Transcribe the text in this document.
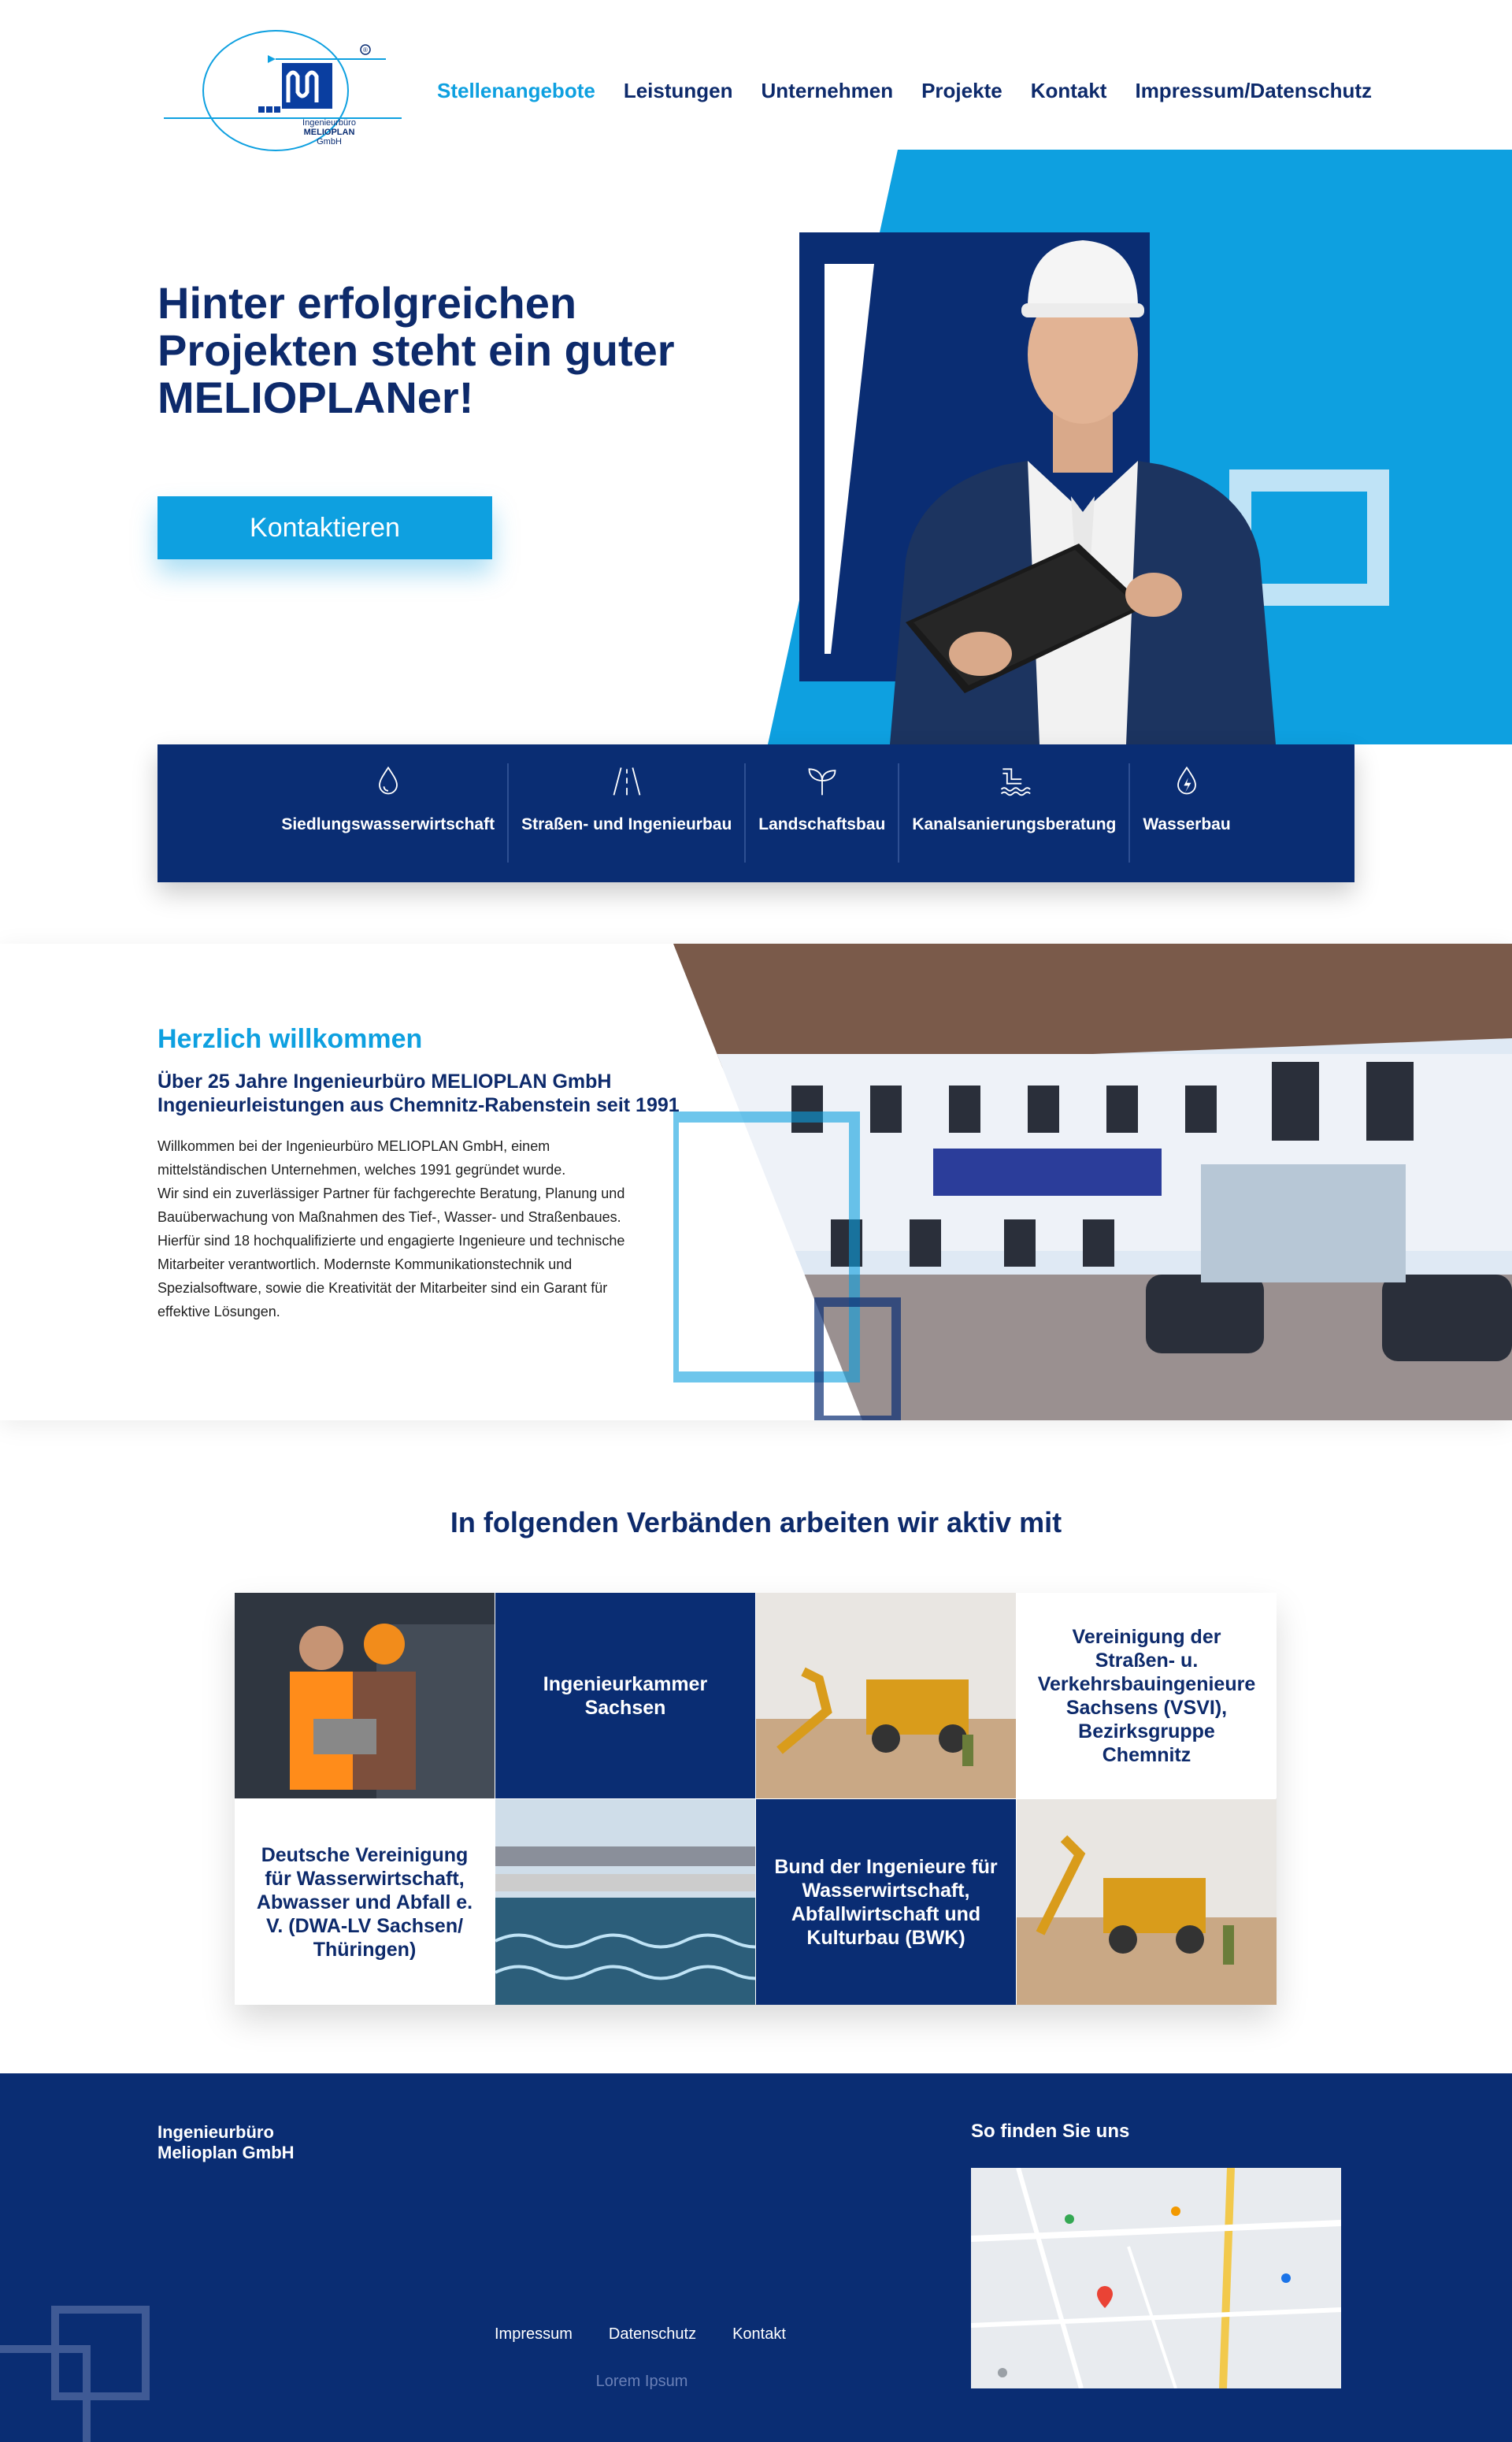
®
Ingenieurbüro
MELIOPLAN
GmbH
Stellenangebote Leistungen Unternehmen Projekte Kontakt Impressum/Datenschutz
Hinter erfolgreichen Projekten steht ein guter MELIOPLANer!
Kontaktieren
Siedlungswasserwirtschaft Straßen- und Ingenieurbau Landschaftsbau Kanalsanierungsberatung Wasserbau
Herzlich willkommen
Über 25 Jahre Ingenieurbüro MELIOPLAN GmbH Ingenieurleistungen aus Chemnitz-Rabenstein seit 1991

Willkommen bei der Ingenieurbüro MELIOPLAN GmbH, einem mittelständischen Unternehmen, welches 1991 gegründet wurde.
Wir sind ein zuverlässiger Partner für fachgerechte Beratung, Planung und Bauüberwachung von Maßnahmen des Tief-, Wasser- und Straßenbaues.
Hierfür sind 18 hochqualifizierte und engagierte Ingenieure und technische Mitarbeiter verantwortlich. Modernste Kommunikationstechnik und Spezialsoftware, sowie die Kreativität der Mitarbeiter sind ein Garant für effektive Lösungen.

In folgenden Verbänden arbeiten wir aktiv mit
Ingenieurkammer Sachsen
Vereinigung der Straßen- u. Verkehrsbauingenieure Sachsens (VSVI), Bezirksgruppe Chemnitz
Deutsche Vereinigung für Wasserwirtschaft, Abwasser und Abfall e. V. (DWA-LV Sachsen/ Thüringen)
Bund der Ingenieure für Wasserwirtschaft, Abfallwirtschaft und Kulturbau (BWK)
Ingenieurbüro
Melioplan GmbH
So finden Sie uns
Impressum Datenschutz Kontakt
Lorem Ipsum
